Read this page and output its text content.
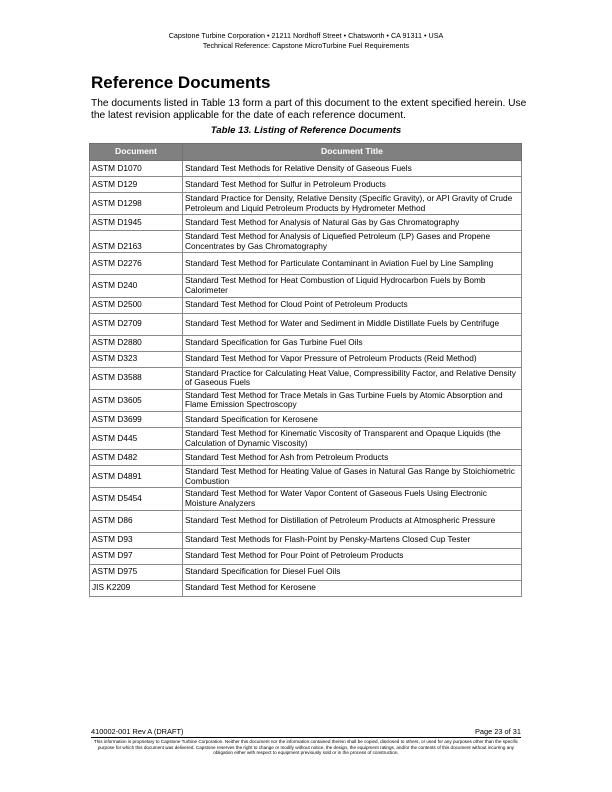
Capstone Turbine Corporation • 21211 Nordhoff Street • Chatsworth • CA 91311 • USA
Technical Reference: Capstone MicroTurbine Fuel Requirements
Reference Documents
The documents listed in Table 13 form a part of this document to the extent specified herein. Use the latest revision applicable for the date of each reference document.
Table 13. Listing of Reference Documents
Document	Document Title
ASTM D1070	Standard Test Methods for Relative Density of Gaseous Fuels
ASTM D129	Standard Test Method for Sulfur in Petroleum Products
ASTM D1298	Standard Practice for Density, Relative Density (Specific Gravity), or API Gravity of Crude Petroleum and Liquid Petroleum Products by Hydrometer Method
ASTM D1945	Standard Test Method for Analysis of Natural Gas by Gas Chromatography
ASTM D2163	Standard Test Method for Analysis of Liquefied Petroleum (LP) Gases and Propene Concentrates by Gas Chromatography
ASTM D2276	Standard Test Method for Particulate Contaminant in Aviation Fuel by Line Sampling
ASTM D240	Standard Test Method for Heat Combustion of Liquid Hydrocarbon Fuels by Bomb Calorimeter
ASTM D2500	Standard Test Method for Cloud Point of Petroleum Products
ASTM D2709	Standard Test Method for Water and Sediment in Middle Distillate Fuels by Centrifuge
ASTM D2880	Standard Specification for Gas Turbine Fuel Oils
ASTM D323	Standard Test Method for Vapor Pressure of Petroleum Products (Reid Method)
ASTM D3588	Standard Practice for Calculating Heat Value, Compressibility Factor, and Relative Density of Gaseous Fuels
ASTM D3605	Standard Test Method for Trace Metals in Gas Turbine Fuels by Atomic Absorption and Flame Emission Spectroscopy
ASTM D3699	Standard Specification for Kerosene
ASTM D445	Standard Test Method for Kinematic Viscosity of Transparent and Opaque Liquids (the Calculation of Dynamic Viscosity)
ASTM D482	Standard Test Method for Ash from Petroleum Products
ASTM D4891	Standard Test Method for Heating Value of Gases in Natural Gas Range by Stoichiometric Combustion
ASTM D5454	Standard Test Method for Water Vapor Content of Gaseous Fuels Using Electronic Moisture Analyzers
ASTM D86	Standard Test Method for Distillation of Petroleum Products at Atmospheric Pressure
ASTM D93	Standard Test Methods for Flash-Point by Pensky-Martens Closed Cup Tester
ASTM D97	Standard Test Method for Pour Point of Petroleum Products
ASTM D975	Standard Specification for Diesel Fuel Oils
JIS K2209	Standard Test Method for Kerosene
410002-001 Rev A (DRAFT)	Page 23 of 31
This information is proprietary to Capstone Turbine Corporation. Neither this document nor the information contained therein shall be copied, disclosed to others, or used for any purposes other than the specific purpose for which this document was delivered. Capstone reserves the right to change or modify without notice, the design, the equipment ratings, and/or the contents of this document without incurring any obligation either with respect to equipment previously sold or in the process of construction.
